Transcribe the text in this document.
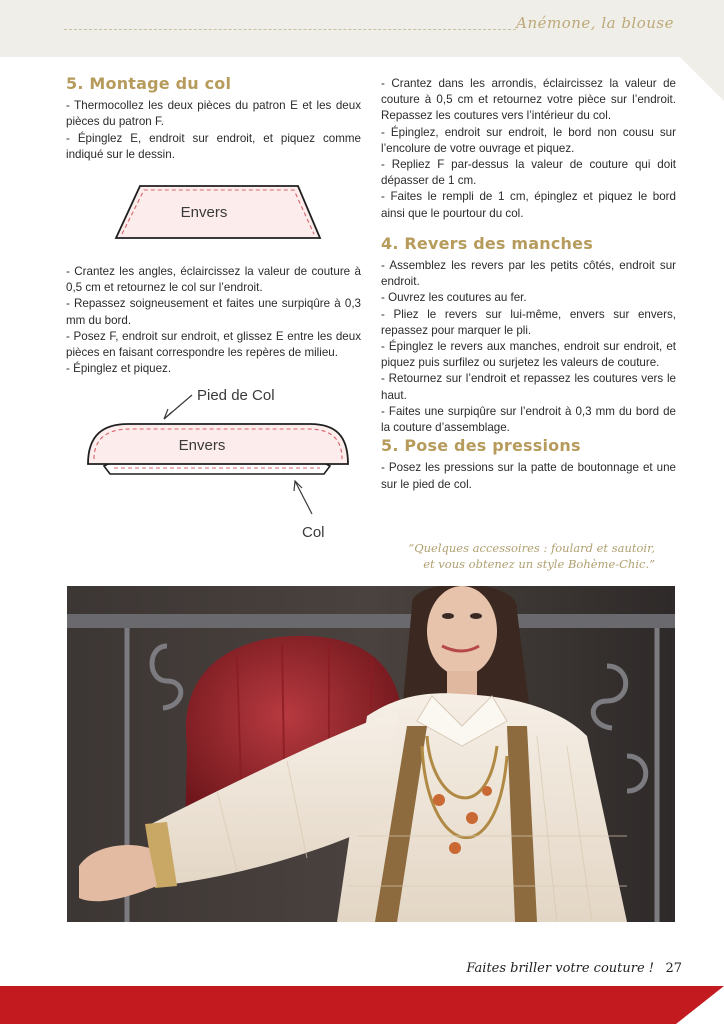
Anémone, la blouse
5. Montage du col

- Thermocollez les deux pièces du patron E et les deux pièces du patron F.

- Épinglez E, endroit sur endroit, et piquez comme indiqué sur le dessin.

Envers

- Crantez les angles, éclaircissez la valeur de couture à 0,5 cm et retournez le col sur l’endroit.

- Repassez soigneusement et faites une surpiqûre à 0,3 mm du bord.

- Posez F, endroit sur endroit, et glissez E entre les deux pièces en faisant correspondre les repères de milieu.

- Épinglez et piquez.

Pied de Col
Envers
Col

- Crantez dans les arrondis, éclaircissez la valeur de couture à 0,5 cm et retournez votre pièce sur l’endroit. Repassez les coutures vers l’intérieur du col.

- Épinglez, endroit sur endroit, le bord non cousu sur l’encolure de votre ouvrage et piquez.

- Repliez F par-dessus la valeur de couture qui doit dépasser de 1 cm.

- Faites le rempli de 1 cm, épinglez et piquez le bord ainsi que le pourtour du col.

4. Revers des manches

- Assemblez les revers par les petits côtés, endroit sur endroit.

- Ouvrez les coutures au fer.

- Pliez le revers sur lui-même, envers sur envers, repassez pour marquer le pli.

- Épinglez le revers aux manches, endroit sur endroit, et piquez puis surfilez ou surjetez les valeurs de couture.

- Retournez sur l’endroit et repassez les coutures vers le haut.

- Faites une surpiqûre sur l’endroit à 0,3 mm du bord de la couture d’assemblage.

5. Pose des pressions

- Posez les pressions sur la patte de boutonnage et une sur le pied de col.

“Quelques accessoires : foulard et sautoir,
et vous obtenez un style Bohème-Chic.”
Faites briller votre couture ! 27
